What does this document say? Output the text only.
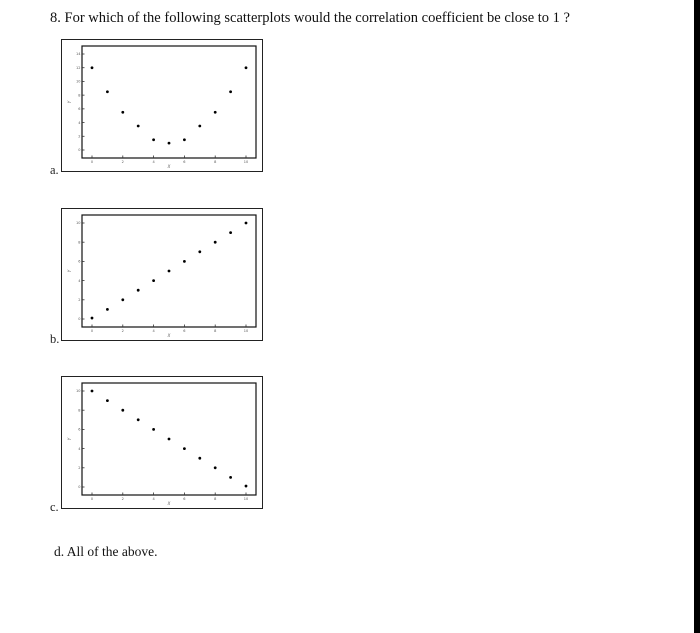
8. For which of the following scatterplots would the correlation coefficient be close to 1 ?
0	2	4	6	8	10
0
2
4
6
8
10
12
14
X
Y
a.
0	2	4	6	8	10
0
2
4
6
8
10
X
Y
b.
0	2	4	6	8	10
0
2
4
6
8
10
X
Y
c.
d. All of the above.
